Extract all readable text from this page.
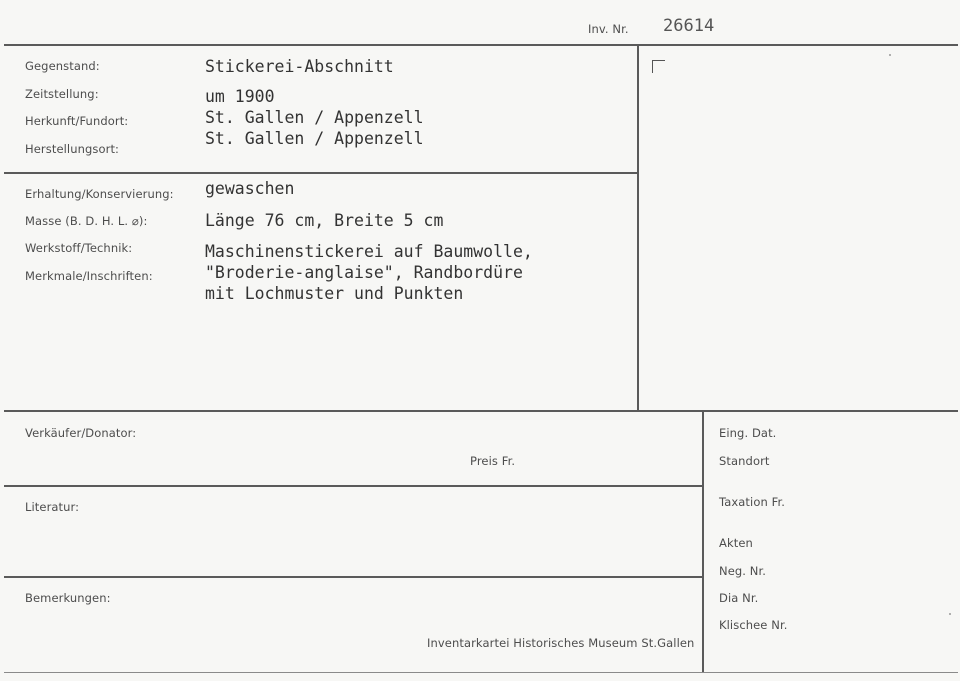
Inv. Nr. 26614
Gegenstand:
Zeitstellung:
Herkunft/Fundort:
Herstellungsort:
Stickerei-Abschnitt
um 1900
St. Gallen / Appenzell
St. Gallen / Appenzell
Erhaltung/Konservierung:
Masse (B. D. H. L. ⌀):
Werkstoff/Technik:
Merkmale/Inschriften:
gewaschen
Länge 76 cm, Breite 5 cm
Maschinenstickerei auf Baumwolle,
"Broderie-anglaise", Randbordüre
mit Lochmuster und Punkten
Verkäufer/Donator:
Preis Fr.
Literatur:
Bemerkungen:
Inventarkartei Historisches Museum St.Gallen
Eing. Dat.
Standort
Taxation Fr.
Akten
Neg. Nr.
Dia Nr.
Klischee Nr.
